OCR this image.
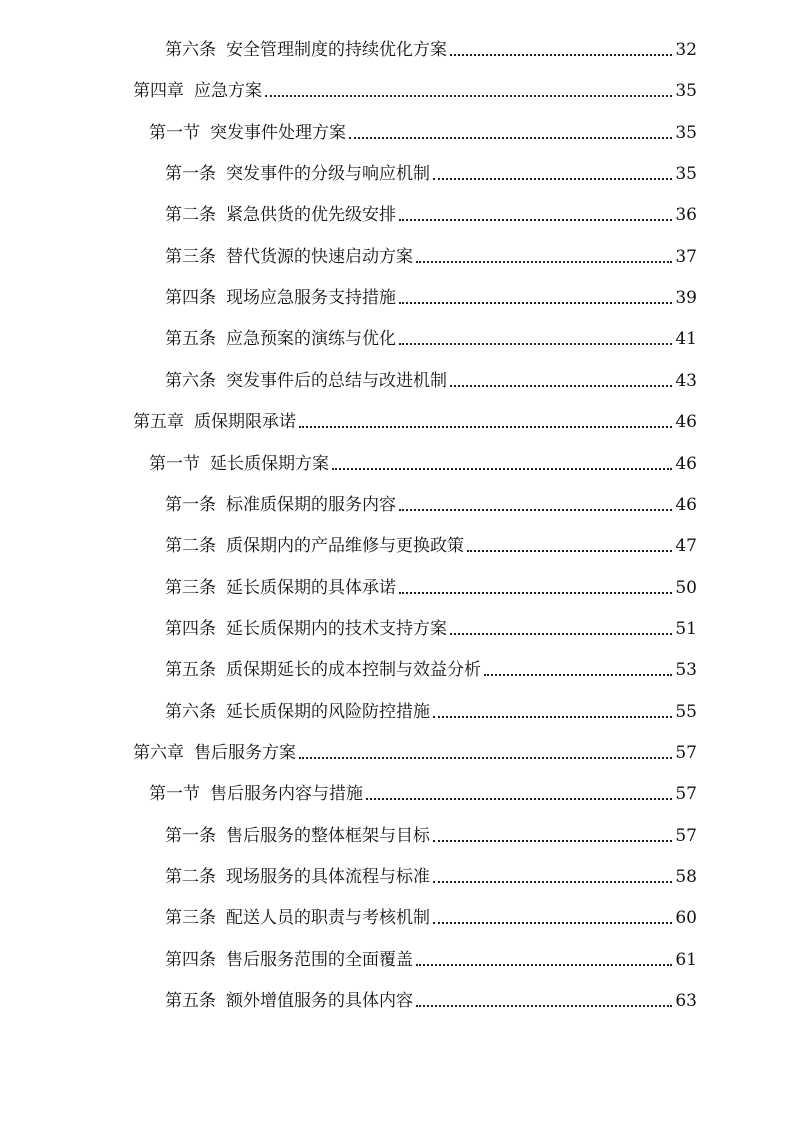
第六条 安全管理制度的持续优化方案	32
第四章 应急方案	35
第一节 突发事件处理方案	35
第一条 突发事件的分级与响应机制	35
第二条 紧急供货的优先级安排	36
第三条 替代货源的快速启动方案	37
第四条 现场应急服务支持措施	39
第五条 应急预案的演练与优化	41
第六条 突发事件后的总结与改进机制	43
第五章 质保期限承诺	46
第一节 延长质保期方案	46
第一条 标准质保期的服务内容	46
第二条 质保期内的产品维修与更换政策	47
第三条 延长质保期的具体承诺	50
第四条 延长质保期内的技术支持方案	51
第五条 质保期延长的成本控制与效益分析	53
第六条 延长质保期的风险防控措施	55
第六章 售后服务方案	57
第一节 售后服务内容与措施	57
第一条 售后服务的整体框架与目标	57
第二条 现场服务的具体流程与标准	58
第三条 配送人员的职责与考核机制	60
第四条 售后服务范围的全面覆盖	61
第五条 额外增值服务的具体内容	63
